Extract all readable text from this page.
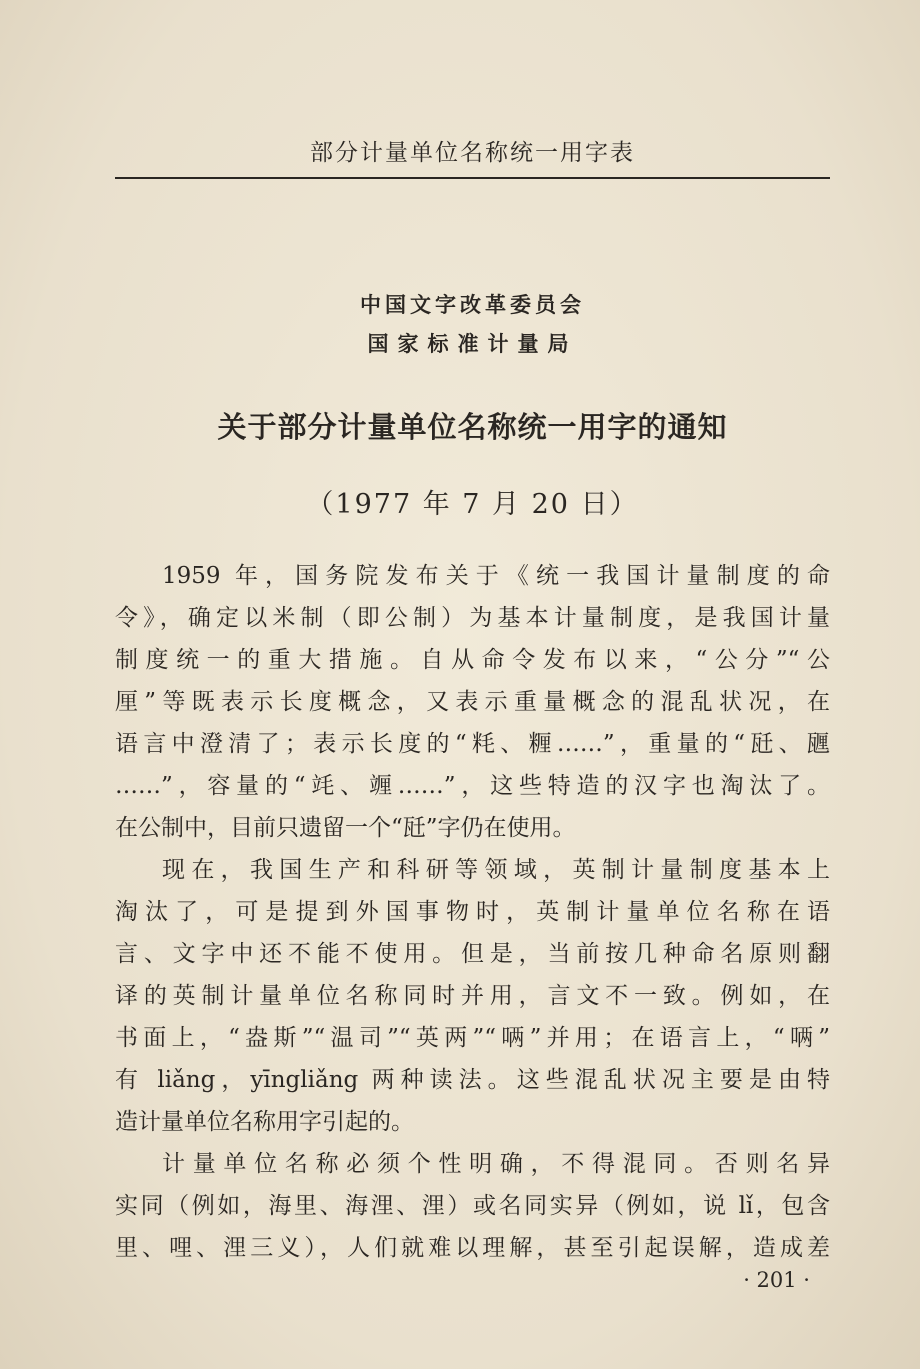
部分计量单位名称统一用字表
中国文字改革委员会
国家标准计量局
关于部分计量单位名称统一用字的通知
（1977 年 7 月 20 日）
1959 年，国务院发布关于《统一我国计量制度的命
令》，确定以米制（即公制）为基本计量制度，是我国计量
制度统一的重大措施。自从命令发布以来，“公分”“公
厘”等既表示长度概念，又表示重量概念的混乱状况，在
语言中澄清了；表示长度的“粍、糎……”，重量的“瓩、甅
……”，容量的“竓、竰……”，这些特造的汉字也淘汰了。
在公制中，目前只遗留一个“瓩”字仍在使用。
现在，我国生产和科研等领域，英制计量制度基本上
淘汰了，可是提到外国事物时，英制计量单位名称在语
言、文字中还不能不使用。但是，当前按几种命名原则翻
译的英制计量单位名称同时并用，言文不一致。例如，在
书面上，“盎斯”“温司”“英两”“唡”并用；在语言上，“唡”
有 liǎng，yīngliǎng 两种读法。这些混乱状况主要是由特
造计量单位名称用字引起的。
计量单位名称必须个性明确，不得混同。否则名异
实同（例如，海里、海浬、浬）或名同实异（例如，说 lǐ，包含
里、哩、浬三义），人们就难以理解，甚至引起误解，造成差
· 201 ·
